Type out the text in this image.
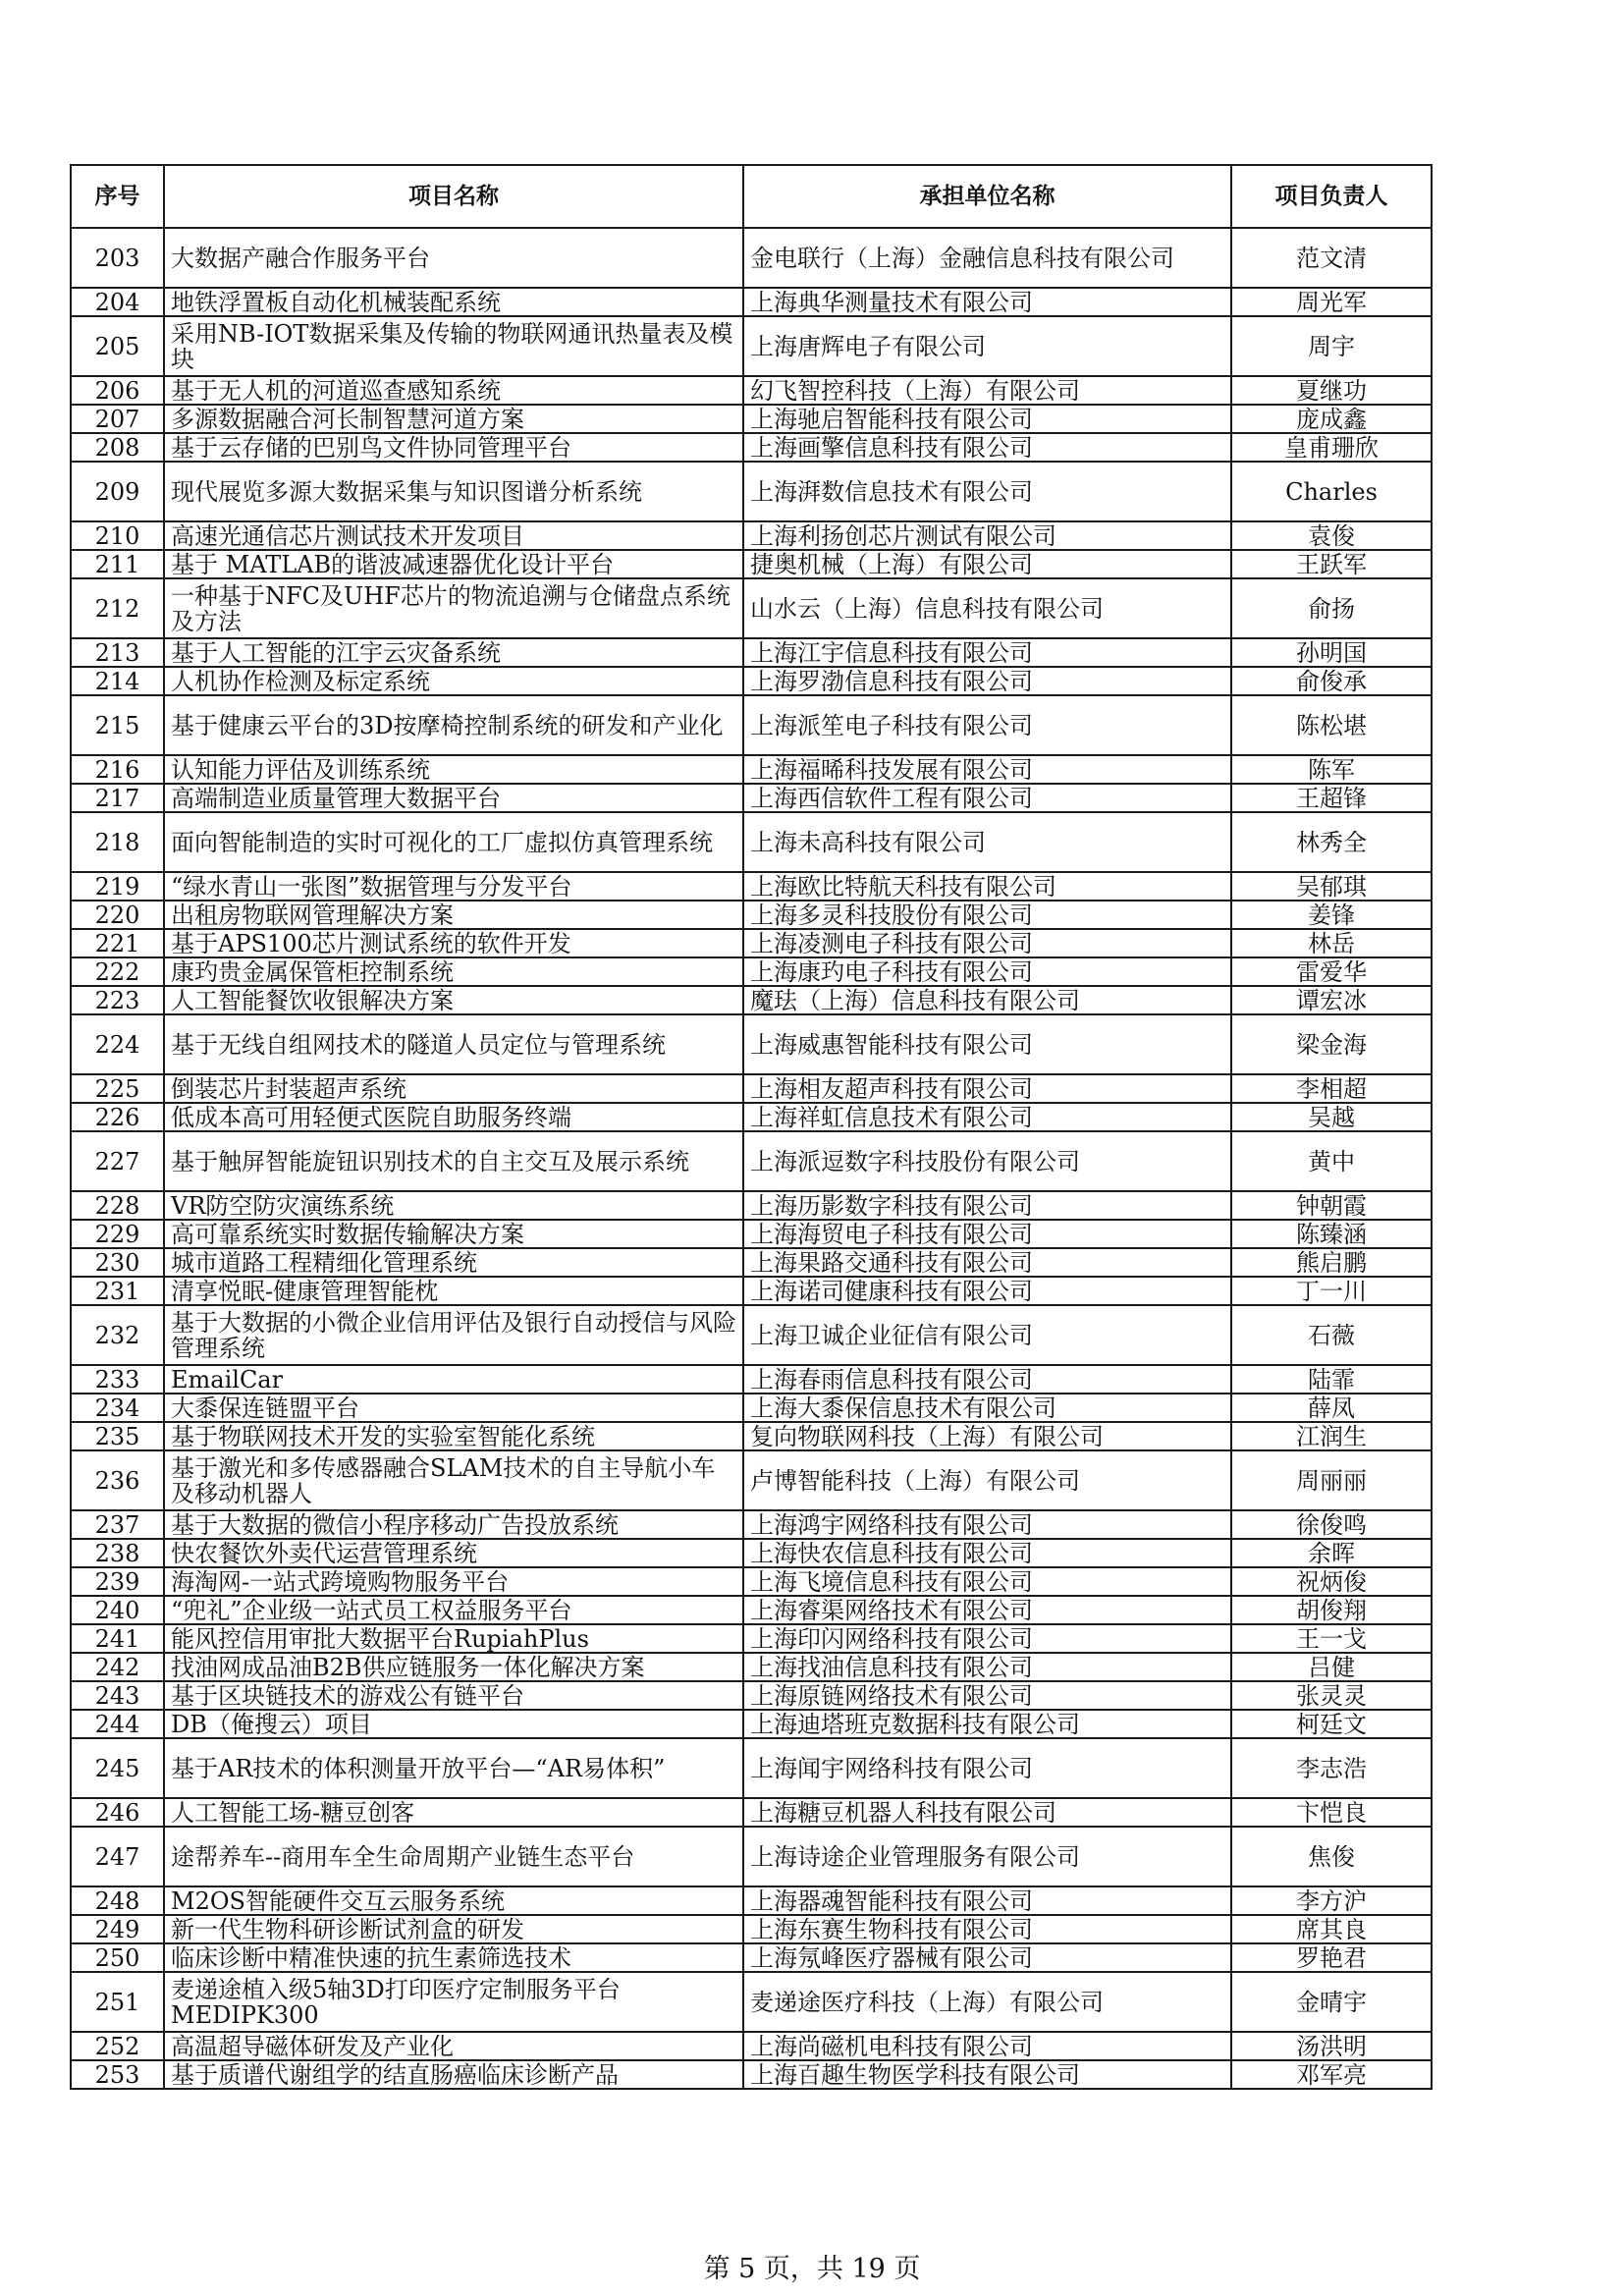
序号	项目名称	承担单位名称	项目负责人
203	大数据产融合作服务平台	金电联行（上海）金融信息科技有限公司	范文清
204	地铁浮置板自动化机械装配系统	上海典华测量技术有限公司	周光军
205	采用NB-IOT数据采集及传输的物联网通讯热量表及模块	上海唐辉电子有限公司	周宇
206	基于无人机的河道巡查感知系统	幻飞智控科技（上海）有限公司	夏继功
207	多源数据融合河长制智慧河道方案	上海驰启智能科技有限公司	庞成鑫
208	基于云存储的巴别鸟文件协同管理平台	上海画擎信息科技有限公司	皇甫珊欣
209	现代展览多源大数据采集与知识图谱分析系统	上海湃数信息技术有限公司	Charles
210	高速光通信芯片测试技术开发项目	上海利扬创芯片测试有限公司	袁俊
211	基于 MATLAB的谐波减速器优化设计平台	捷奥机械（上海）有限公司	王跃军
212	一种基于NFC及UHF芯片的物流追溯与仓储盘点系统及方法	山水云（上海）信息科技有限公司	俞扬
213	基于人工智能的江宇云灾备系统	上海江宇信息科技有限公司	孙明国
214	人机协作检测及标定系统	上海罗渤信息科技有限公司	俞俊承
215	基于健康云平台的3D按摩椅控制系统的研发和产业化	上海派笙电子科技有限公司	陈松堪
216	认知能力评估及训练系统	上海福晞科技发展有限公司	陈军
217	高端制造业质量管理大数据平台	上海西信软件工程有限公司	王超锋
218	面向智能制造的实时可视化的工厂虚拟仿真管理系统	上海未高科技有限公司	林秀全
219	“绿水青山一张图”数据管理与分发平台	上海欧比特航天科技有限公司	吴郁琪
220	出租房物联网管理解决方案	上海多灵科技股份有限公司	姜锋
221	基于APS100芯片测试系统的软件开发	上海凌测电子科技有限公司	林岳
222	康玓贵金属保管柜控制系统	上海康玓电子科技有限公司	雷爱华
223	人工智能餐饮收银解决方案	魔珐（上海）信息科技有限公司	谭宏冰
224	基于无线自组网技术的隧道人员定位与管理系统	上海威惠智能科技有限公司	梁金海
225	倒装芯片封装超声系统	上海相友超声科技有限公司	李相超
226	低成本高可用轻便式医院自助服务终端	上海祥虹信息技术有限公司	吴越
227	基于触屏智能旋钮识别技术的自主交互及展示系统	上海派逗数字科技股份有限公司	黄中
228	VR防空防灾演练系统	上海历影数字科技有限公司	钟朝霞
229	高可靠系统实时数据传输解决方案	上海海贸电子科技有限公司	陈臻涵
230	城市道路工程精细化管理系统	上海果路交通科技有限公司	熊启鹏
231	清享悦眠-健康管理智能枕	上海诺司健康科技有限公司	丁一川
232	基于大数据的小微企业信用评估及银行自动授信与风险管理系统	上海卫诚企业征信有限公司	石薇
233	EmailCar	上海春雨信息科技有限公司	陆霏
234	大黍保连链盟平台	上海大黍保信息技术有限公司	薛凤
235	基于物联网技术开发的实验室智能化系统	复向物联网科技（上海）有限公司	江润生
236	基于激光和多传感器融合SLAM技术的自主导航小车及移动机器人	卢博智能科技（上海）有限公司	周丽丽
237	基于大数据的微信小程序移动广告投放系统	上海鸿宇网络科技有限公司	徐俊鸣
238	快农餐饮外卖代运营管理系统	上海快农信息科技有限公司	余晖
239	海淘网-一站式跨境购物服务平台	上海飞境信息科技有限公司	祝炳俊
240	“兜礼”企业级一站式员工权益服务平台	上海睿渠网络技术有限公司	胡俊翔
241	能风控信用审批大数据平台RupiahPlus	上海印闪网络科技有限公司	王一戈
242	找油网成品油B2B供应链服务一体化解决方案	上海找油信息科技有限公司	吕健
243	基于区块链技术的游戏公有链平台	上海原链网络技术有限公司	张灵灵
244	DB（俺搜云）项目	上海迪塔班克数据科技有限公司	柯廷文
245	基于AR技术的体积测量开放平台—“AR易体积”	上海闻宇网络科技有限公司	李志浩
246	人工智能工场-糖豆创客	上海糖豆机器人科技有限公司	卞恺良
247	途帮养车--商用车全生命周期产业链生态平台	上海诗途企业管理服务有限公司	焦俊
248	M2OS智能硬件交互云服务系统	上海器魂智能科技有限公司	李方沪
249	新一代生物科研诊断试剂盒的研发	上海东赛生物科技有限公司	席其良
250	临床诊断中精准快速的抗生素筛选技术	上海氖峰医疗器械有限公司	罗艳君
251	麦递途植入级5轴3D打印医疗定制服务平台MEDIPK300	麦递途医疗科技（上海）有限公司	金晴宇
252	高温超导磁体研发及产业化	上海尚磁机电科技有限公司	汤洪明
253	基于质谱代谢组学的结直肠癌临床诊断产品	上海百趣生物医学科技有限公司	邓军亮
第 5 页，共 19 页
